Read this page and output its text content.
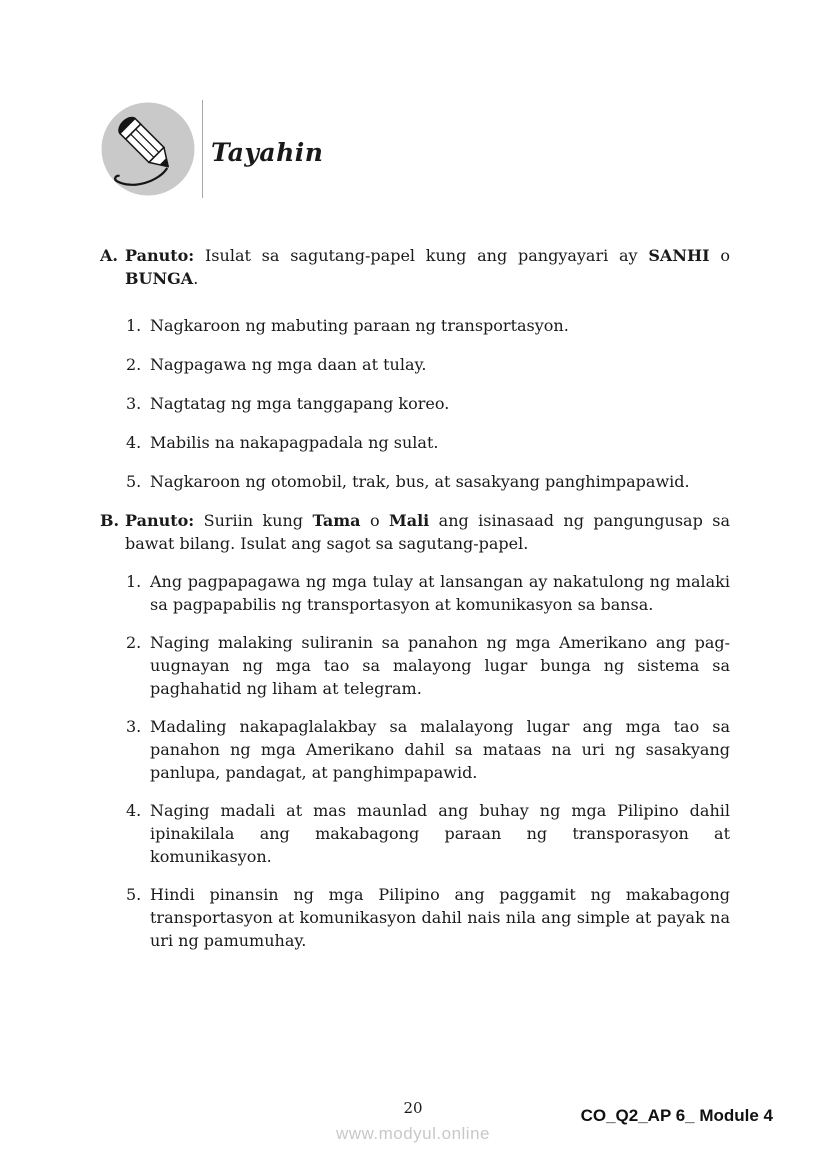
Tayahin

A. Panuto: Isulat sa sagutang-papel kung ang pangyayari ay SANHI o BUNGA.

1. Nagkaroon ng mabuting paraan ng transportasyon.
2. Nagpagawa ng mga daan at tulay.
3. Nagtatag ng mga tanggapang koreo.
4. Mabilis na nakapagpadala ng sulat.
5. Nagkaroon ng otomobil, trak, bus, at sasakyang panghimpapawid.

B. Panuto: Suriin kung Tama o Mali ang isinasaad ng pangungusap sa bawat bilang. Isulat ang sagot sa sagutang-papel.

1. Ang pagpapagawa ng mga tulay at lansangan ay nakatulong ng malaki sa pagpapabilis ng transportasyon at komunikasyon sa bansa.
2. Naging malaking suliranin sa panahon ng mga Amerikano ang pag-uugnayan ng mga tao sa malayong lugar bunga ng sistema sa paghahatid ng liham at telegram.
3. Madaling nakapaglalakbay sa malalayong lugar ang mga tao sa panahon ng mga Amerikano dahil sa mataas na uri ng sasakyang panlupa, pandagat, at panghimpapawid.
4. Naging madali at mas maunlad ang buhay ng mga Pilipino dahil ipinakilala ang makabagong paraan ng transporasyon at komunikasyon.
5. Hindi pinansin ng mga Pilipino ang paggamit ng makabagong transportasyon at komunikasyon dahil nais nila ang simple at payak na uri ng pamumuhay.
20
www.modyul.online
CO_Q2_AP 6_ Module 4
